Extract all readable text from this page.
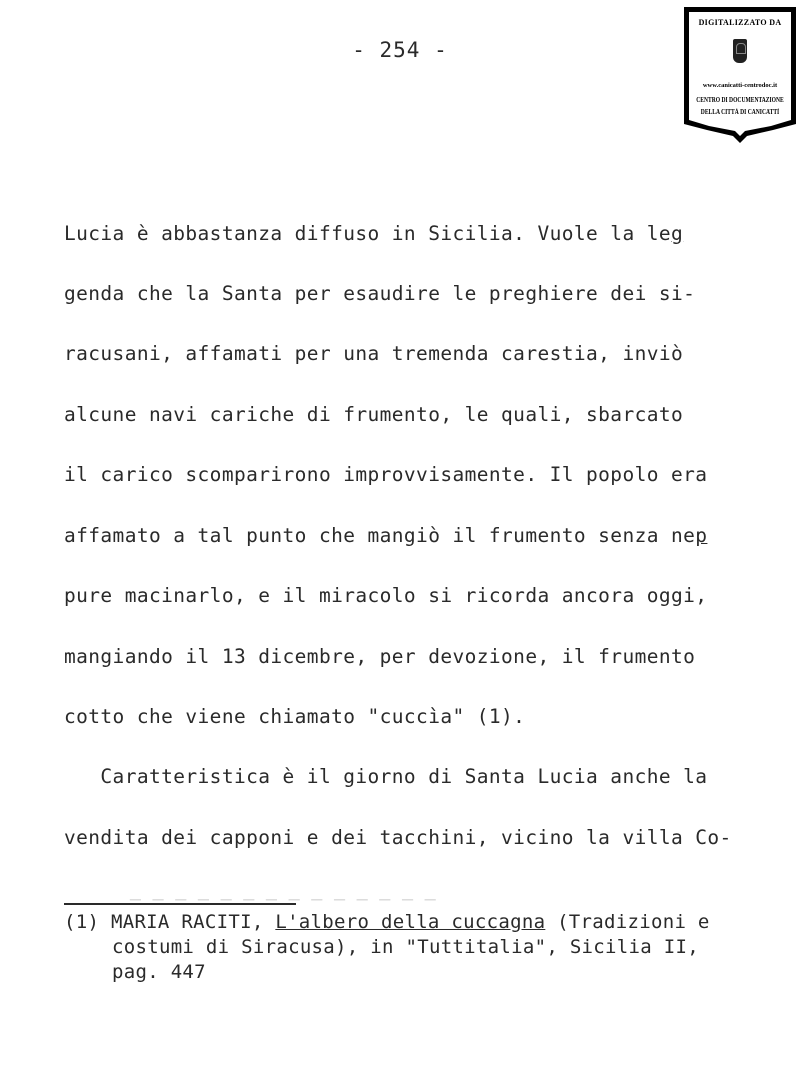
- 254 -
DIGITALIZZATO DA
www.canicatti-centrodoc.it
CENTRO DI DOCUMENTAZIONE
DELLA CITTÀ DI CANICATTÌ
─ ─ ─ ─ ─ ─ ─ ─ ─ ─ ─ ─ ─ ─
Lucia è abbastanza diffuso in Sicilia. Vuole la leg
genda che la Santa per esaudire le preghiere dei si-
racusani, affamati per una tremenda carestia, inviò
alcune navi cariche di frumento, le quali, sbarcato
il carico scomparirono improvvisamente. Il popolo era
affamato a tal punto che mangiò il frumento senza nep
pure macinarlo, e il miracolo si ricorda ancora oggi,
mangiando il 13 dicembre, per devozione, il frumento
cotto che viene chiamato "cuccìa" (1).
Caratteristica è il giorno di Santa Lucia anche la
vendita dei capponi e dei tacchini, vicino la villa Co-
(1) MARIA RACITI, L'albero della cuccagna (Tradizioni e
costumi di Siracusa), in "Tuttitalia", Sicilia II,
pag. 447
